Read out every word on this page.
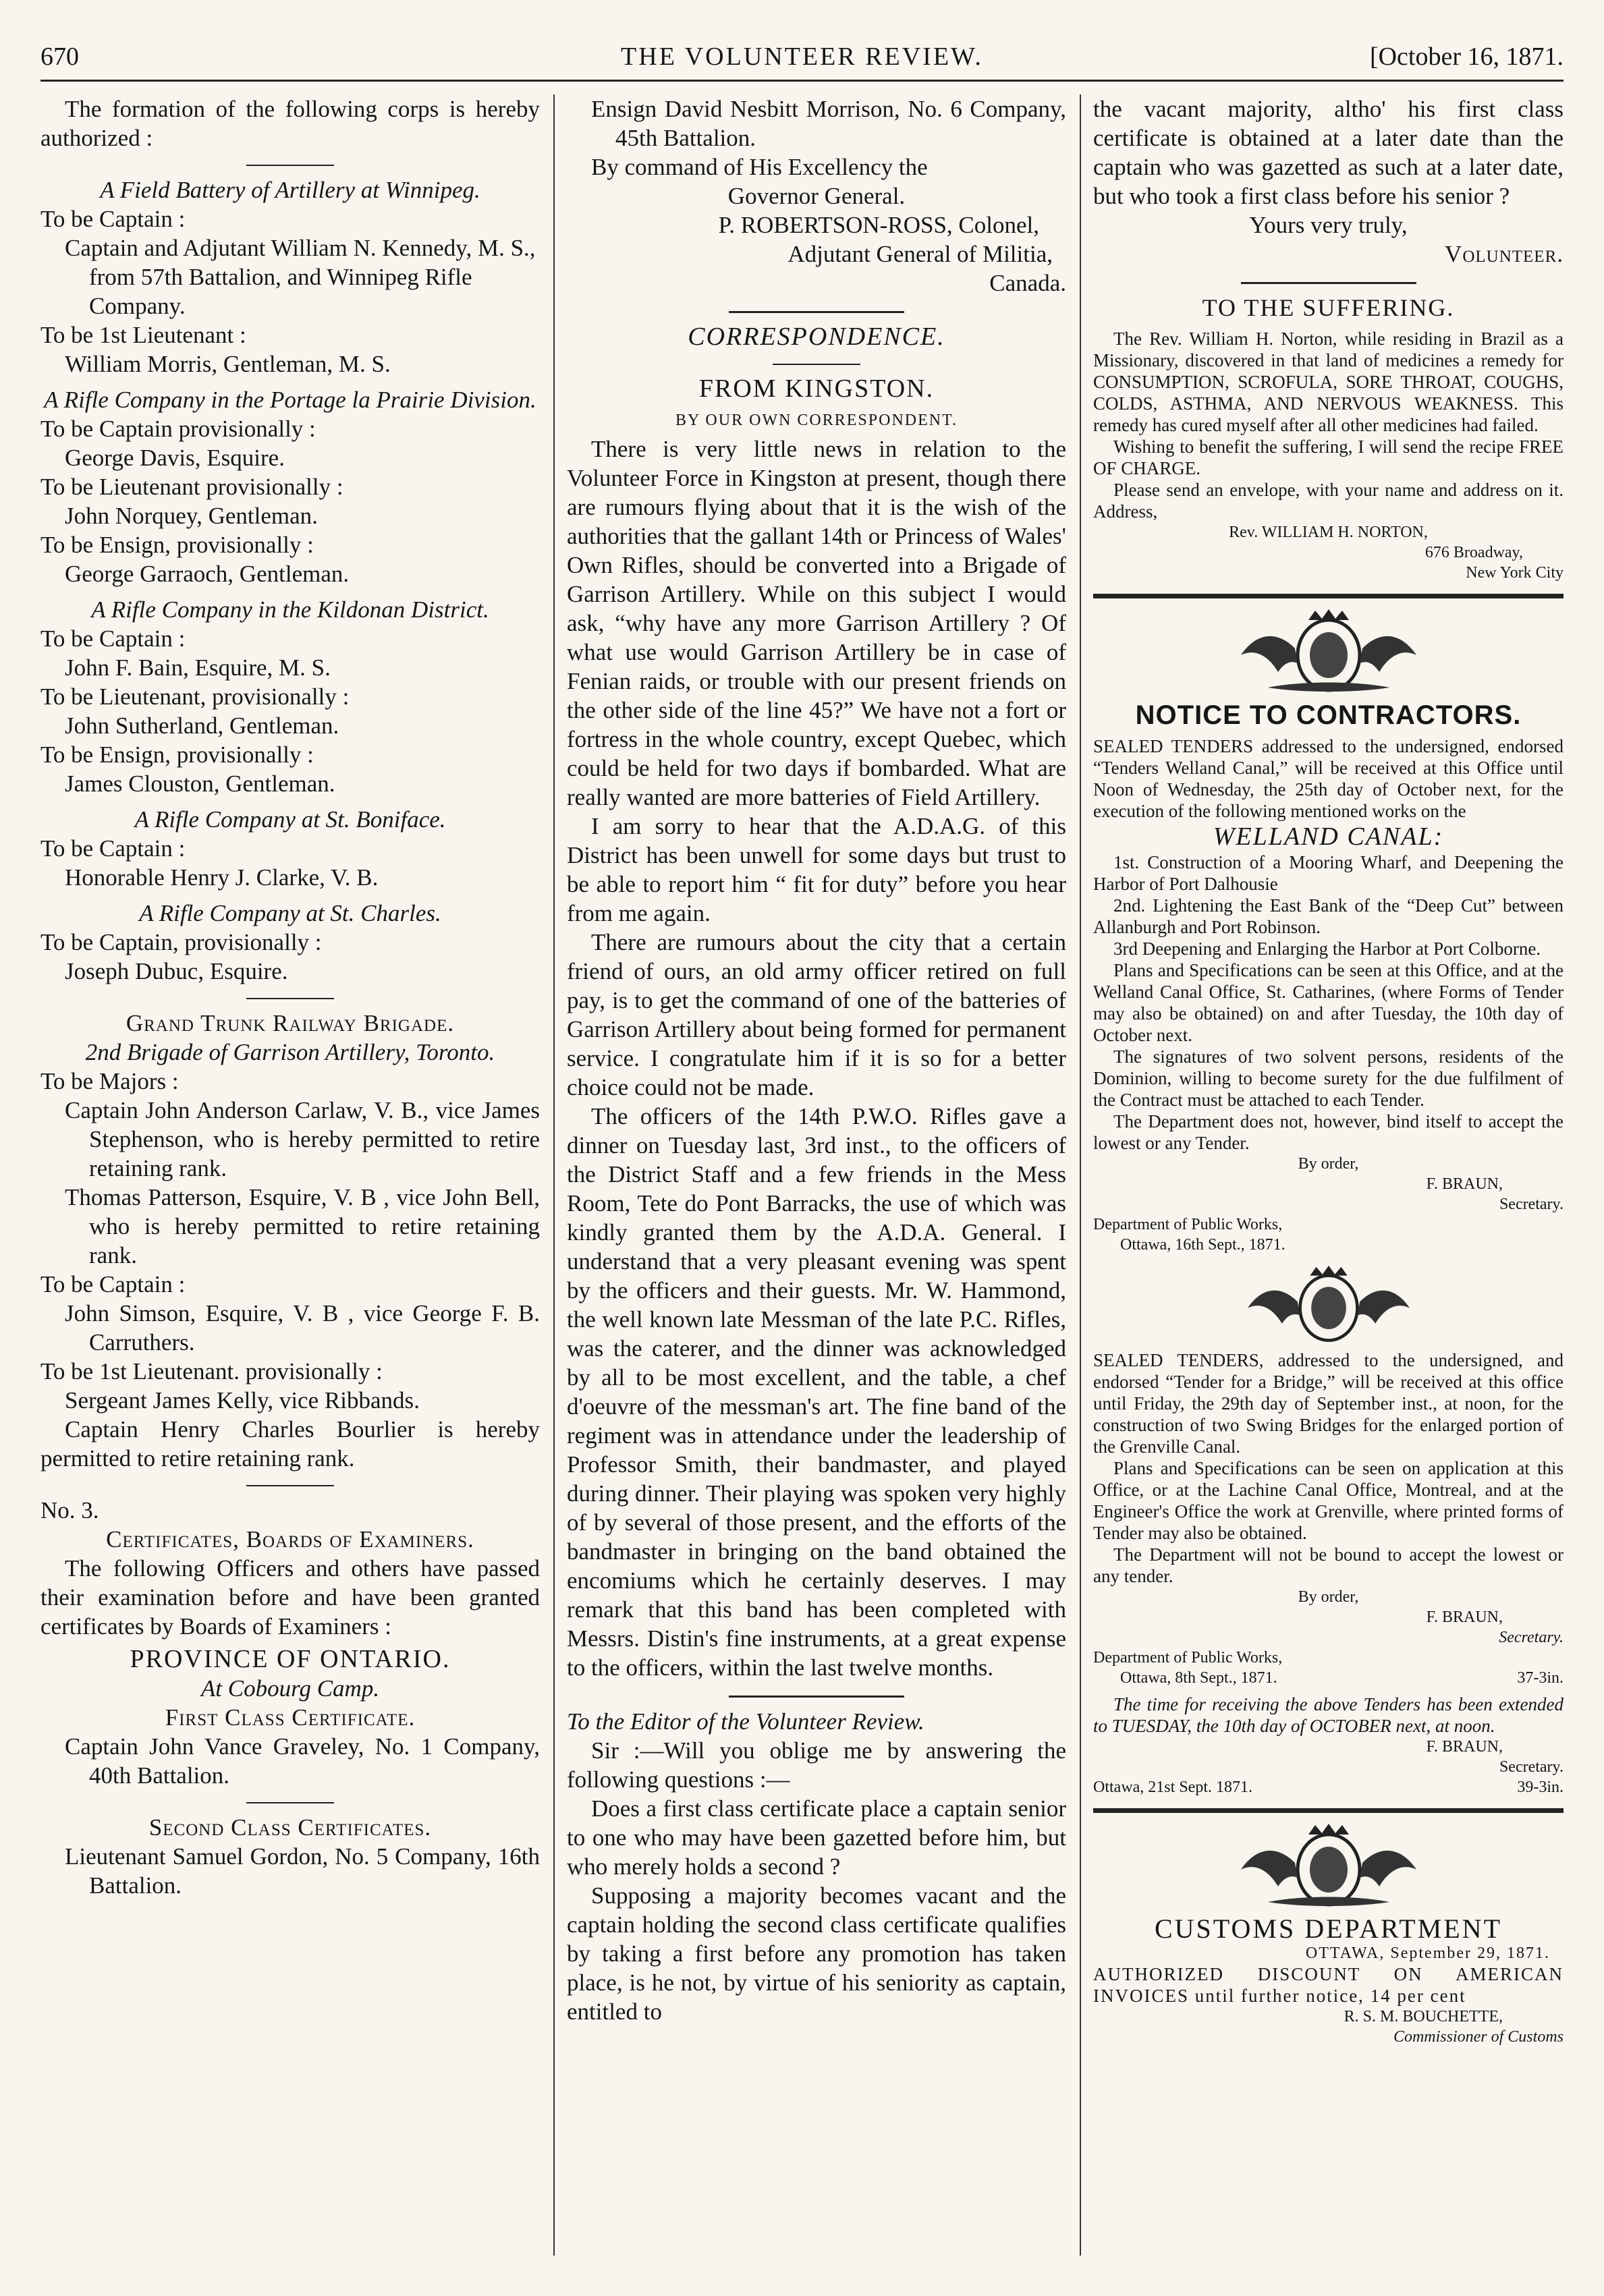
670	THE VOLUNTEER REVIEW.	[October 16, 1871.

The formation of the following corps is hereby authorized :

A Field Battery of Artillery at Winnipeg.

To be Captain :

Captain and Adjutant William N. Kennedy, M. S., from 57th Battalion, and Winnipeg Rifle Company.

To be 1st Lieutenant :

William Morris, Gentleman, M. S.

A Rifle Company in the Portage la Prairie Division.

To be Captain provisionally :

George Davis, Esquire.

To be Lieutenant provisionally :

John Norquey, Gentleman.

To be Ensign, provisionally :

George Garraoch, Gentleman.

A Rifle Company in the Kildonan District.

To be Captain :

John F. Bain, Esquire, M. S.

To be Lieutenant, provisionally :

John Sutherland, Gentleman.

To be Ensign, provisionally :

James Clouston, Gentleman.

A Rifle Company at St. Boniface.

To be Captain :

Honorable Henry J. Clarke, V. B.

A Rifle Company at St. Charles.

To be Captain, provisionally :

Joseph Dubuc, Esquire.

Grand Trunk Railway Brigade.

2nd Brigade of Garrison Artillery, Toronto.

To be Majors :

Captain John Anderson Carlaw, V. B., vice James Stephenson, who is hereby permitted to retire retaining rank.

Thomas Patterson, Esquire, V. B , vice John Bell, who is hereby permitted to retire retaining rank.

To be Captain :

John Simson, Esquire, V. B , vice George F. B. Carruthers.

To be 1st Lieutenant. provisionally :

Sergeant James Kelly, vice Ribbands.

Captain Henry Charles Bourlier is hereby permitted to retire retaining rank.

No. 3.

Certificates, Boards of Examiners.

The following Officers and others have passed their examination before and have been granted certificates by Boards of Examiners :

PROVINCE OF ONTARIO.

At Cobourg Camp.

First Class Certificate.

Captain John Vance Graveley, No. 1 Company, 40th Battalion.

Second Class Certificates.

Lieutenant Samuel Gordon, No. 5 Company, 16th Battalion.

Ensign David Nesbitt Morrison, No. 6 Company, 45th Battalion.

By command of His Excellency the

Governor General.

P. ROBERTSON-ROSS, Colonel,

Adjutant General of Militia,

Canada.

CORRESPONDENCE.

FROM KINGSTON.

BY OUR OWN CORRESPONDENT.

There is very little news in relation to the Volunteer Force in Kingston at present, though there are rumours flying about that it is the wish of the authorities that the gallant 14th or Princess of Wales' Own Rifles, should be converted into a Brigade of Garrison Artillery. While on this subject I would ask, “why have any more Garrison Artillery ? Of what use would Garrison Artillery be in case of Fenian raids, or trouble with our present friends on the other side of the line 45?” We have not a fort or fortress in the whole country, except Quebec, which could be held for two days if bombarded. What are really wanted are more batteries of Field Artillery.

I am sorry to hear that the A.D.A.G. of this District has been unwell for some days but trust to be able to report him “ fit for duty” before you hear from me again.

There are rumours about the city that a certain friend of ours, an old army officer retired on full pay, is to get the command of one of the batteries of Garrison Artillery about being formed for permanent service. I congratulate him if it is so for a better choice could not be made.

The officers of the 14th P.W.O. Rifles gave a dinner on Tuesday last, 3rd inst., to the officers of the District Staff and a few friends in the Mess Room, Tete do Pont Barracks, the use of which was kindly granted them by the A.D.A. General. I understand that a very pleasant evening was spent by the officers and their guests. Mr. W. Hammond, the well known late Messman of the late P.C. Rifles, was the caterer, and the dinner was acknowledged by all to be most excellent, and the table, a chef d'oeuvre of the messman's art. The fine band of the regiment was in attendance under the leadership of Professor Smith, their bandmaster, and played during dinner. Their playing was spoken very highly of by several of those present, and the efforts of the bandmaster in bringing on the band obtained the encomiums which he certainly deserves. I may remark that this band has been completed with Messrs. Distin's fine instruments, at a great expense to the officers, within the last twelve months.

To the Editor of the Volunteer Review.

Sir :—Will you oblige me by answering the following questions :—

Does a first class certificate place a captain senior to one who may have been gazetted before him, but who merely holds a second ?

Supposing a majority becomes vacant and the captain holding the second class certificate qualifies by taking a first before any promotion has taken place, is he not, by virtue of his seniority as captain, entitled to

the vacant majority, altho' his first class certificate is obtained at a later date than the captain who was gazetted as such at a later date, but who took a first class before his senior ?

Yours very truly,

Volunteer.

TO THE SUFFERING.

The Rev. William H. Norton, while residing in Brazil as a Missionary, discovered in that land of medicines a remedy for CONSUMPTION, SCROFULA, SORE THROAT, COUGHS, COLDS, ASTHMA, AND NERVOUS WEAKNESS. This remedy has cured myself after all other medicines had failed.

Wishing to benefit the suffering, I will send the recipe FREE OF CHARGE.

Please send an envelope, with your name and address on it. Address,

Rev. WILLIAM H. NORTON,

676 Broadway,

New York City

NOTICE TO CONTRACTORS.

SEALED TENDERS addressed to the undersigned, endorsed “Tenders Welland Canal,” will be received at this Office until Noon of Wednesday, the 25th day of October next, for the execution of the following mentioned works on the

WELLAND CANAL:

1st. Construction of a Mooring Wharf, and Deepening the Harbor of Port Dalhousie

2nd. Lightening the East Bank of the “Deep Cut” between Allanburgh and Port Robinson.

3rd Deepening and Enlarging the Harbor at Port Colborne.

Plans and Specifications can be seen at this Office, and at the Welland Canal Office, St. Catharines, (where Forms of Tender may also be obtained) on and after Tuesday, the 10th day of October next.

The signatures of two solvent persons, residents of the Dominion, willing to become surety for the due fulfilment of the Contract must be attached to each Tender.

The Department does not, however, bind itself to accept the lowest or any Tender.

By order,

F. BRAUN,

Secretary.

Department of Public Works,

Ottawa, 16th Sept., 1871.

SEALED TENDERS, addressed to the undersigned, and endorsed “Tender for a Bridge,” will be received at this office until Friday, the 29th day of September inst., at noon, for the construction of two Swing Bridges for the enlarged portion of the Grenville Canal.

Plans and Specifications can be seen on application at this Office, or at the Lachine Canal Office, Montreal, and at the Engineer's Office the work at Grenville, where printed forms of Tender may also be obtained.

The Department will not be bound to accept the lowest or any tender.

By order,

F. BRAUN,

Secretary.

Department of Public Works,

Ottawa, 8th Sept., 1871.	37-3in.

The time for receiving the above Tenders has been extended to TUESDAY, the 10th day of OCTOBER next, at noon.

F. BRAUN,

Secretary.

Ottawa, 21st Sept. 1871.	39-3in.

CUSTOMS DEPARTMENT

OTTAWA, September 29, 1871.

AUTHORIZED DISCOUNT ON AMERICAN INVOICES until further notice, 14 per cent

R. S. M. BOUCHETTE,

Commissioner of Customs
